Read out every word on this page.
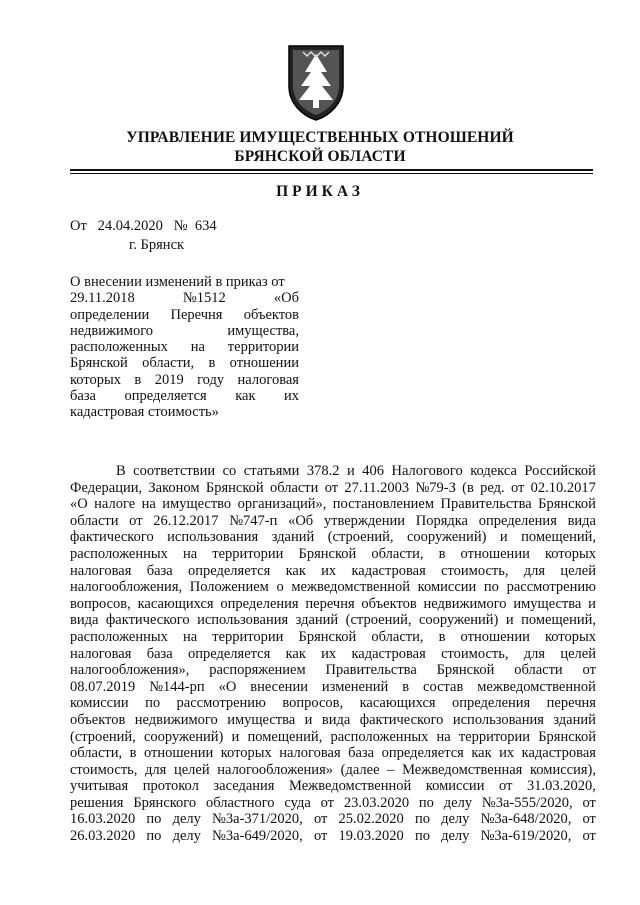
УПРАВЛЕНИЕ ИМУЩЕСТВЕННЫХ ОТНОШЕНИЙ
БРЯНСКОЙ ОБЛАСТИ
ПРИКАЗ
От   24.04.2020   №  634
г. Брянск
О внесении изменений в приказ от
29.11.2018	№1512	«Об
определении Перечня объектов
недвижимого	имущества,
расположенных на территории
Брянской области, в отношении
которых в 2019 году налоговая
база определяется как их
кадастровая стоимость»
В соответствии со статьями 378.2 и 406 Налогового кодекса Российской
Федерации, Законом Брянской области от 27.11.2003 №79-З (в ред. от 02.10.2017
«О налоге на имущество организаций», постановлением Правительства Брянской
области от 26.12.2017 №747-п «Об утверждении Порядка определения вида
фактического использования зданий (строений, сооружений) и помещений,
расположенных на территории Брянской области, в отношении которых
налоговая база определяется как их кадастровая стоимость, для целей
налогообложения, Положением о межведомственной комиссии по рассмотрению
вопросов, касающихся определения перечня объектов недвижимого имущества и
вида фактического использования зданий (строений, сооружений) и помещений,
расположенных на территории Брянской области, в отношении которых
налоговая база определяется как их кадастровая стоимость, для целей
налогообложения», распоряжением Правительства Брянской области от
08.07.2019 №144-рп «О внесении изменений в состав межведомственной
комиссии по рассмотрению вопросов, касающихся определения перечня
объектов недвижимого имущества и вида фактического использования зданий
(строений, сооружений) и помещений, расположенных на территории Брянской
области, в отношении которых налоговая база определяется как их кадастровая
стоимость, для целей налогообложения» (далее – Межведомственная комиссия),
учитывая протокол заседания Межведомственной комиссии от 31.03.2020,
решения Брянского областного суда от 23.03.2020 по делу №3а-555/2020, от
16.03.2020 по делу №3а-371/2020, от 25.02.2020 по делу №3а-648/2020, от
26.03.2020 по делу №3а-649/2020, от 19.03.2020 по делу №3а-619/2020, от
